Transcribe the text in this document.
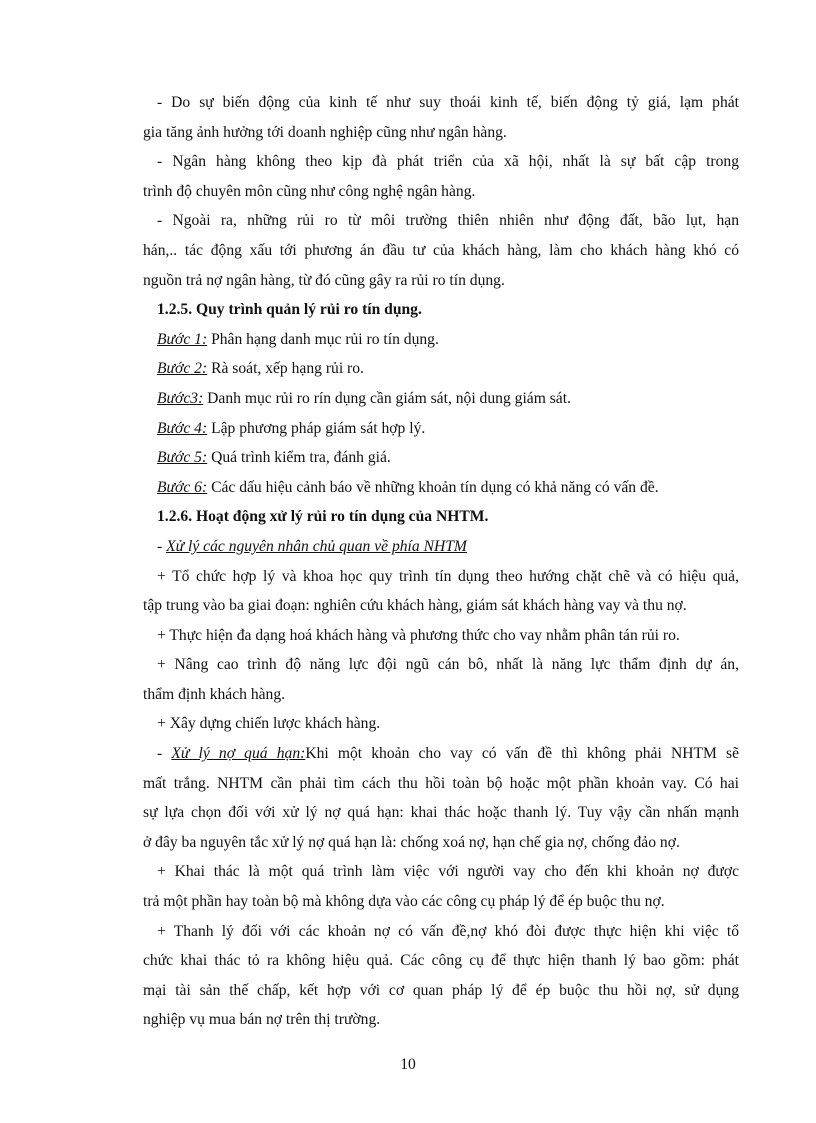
- Do sự biến động của kinh tế như suy thoái kinh tế, biến động tỷ giá, lạm phát
gia tăng ảnh hưởng tới doanh nghiệp cũng như ngân hàng.
- Ngân hàng không theo kịp đà phát triển của xã hội, nhất là sự bất cập trong
trình độ chuyên môn cũng như công nghệ ngân hàng.
- Ngoài ra, những rủi ro từ môi trường thiên nhiên như động đất, bão lụt, hạn
hán,.. tác động xấu tới phương án đầu tư của khách hàng, làm cho khách hàng khó có
nguồn trả nợ ngân hàng, từ đó cũng gây ra rủi ro tín dụng.
1.2.5. Quy trình quản lý rủi ro tín dụng.
Bước 1: Phân hạng danh mục rủi ro tín dụng.
Bước 2: Rà soát, xếp hạng rủi ro.
Bước3: Danh mục rủi ro rín dụng cần giám sát, nội dung giám sát.
Bước 4: Lập phương pháp giám sát hợp lý.
Bước 5: Quá trình kiểm tra, đánh giá.
Bước 6: Các dấu hiệu cảnh báo về những khoản tín dụng có khả năng có vấn đề.
1.2.6. Hoạt động xử lý rủi ro tín dụng của NHTM.
- Xử lý các nguyên nhân chủ quan về phía NHTM
+ Tổ chức hợp lý và khoa học quy trình tín dụng theo hướng chặt chẽ và có hiệu quả,
tập trung vào ba giai đoạn: nghiên cứu khách hàng, giám sát khách hàng vay và thu nợ.
+ Thực hiện đa dạng hoá khách hàng và phương thức cho vay nhằm phân tán rủi ro.
+ Nâng cao trình độ năng lực đội ngũ cán bô, nhất là năng lực thẩm định dự án,
thẩm định khách hàng.
+ Xây dựng chiến lược khách hàng.
- Xử lý nợ quá hạn:Khi một khoản cho vay có vấn đề thì không phải NHTM sẽ
mất trắng. NHTM cần phải tìm cách thu hồi toàn bộ hoặc một phần khoản vay. Có hai
sự lựa chọn đối với xử lý nợ quá hạn: khai thác hoặc thanh lý. Tuy vậy cần nhấn mạnh
ở đây ba nguyên tắc xử lý nợ quá hạn là: chống xoá nợ, hạn chế gia nợ, chống đảo nợ.
+ Khai thác là một quá trình làm việc với người vay cho đến khi khoản nợ được
trả một phần hay toàn bộ mà không dựa vào các công cụ pháp lý để ép buộc thu nợ.
+ Thanh lý đối với các khoản nợ có vấn đề,nợ khó đòi được thực hiện khi việc tổ
chức khai thác tỏ ra không hiệu quả. Các công cụ để thực hiện thanh lý bao gồm: phát
mại tài sản thế chấp, kết hợp với cơ quan pháp lý để ép buộc thu hồi nợ, sử dụng
nghiệp vụ mua bán nợ trên thị trường.
10
